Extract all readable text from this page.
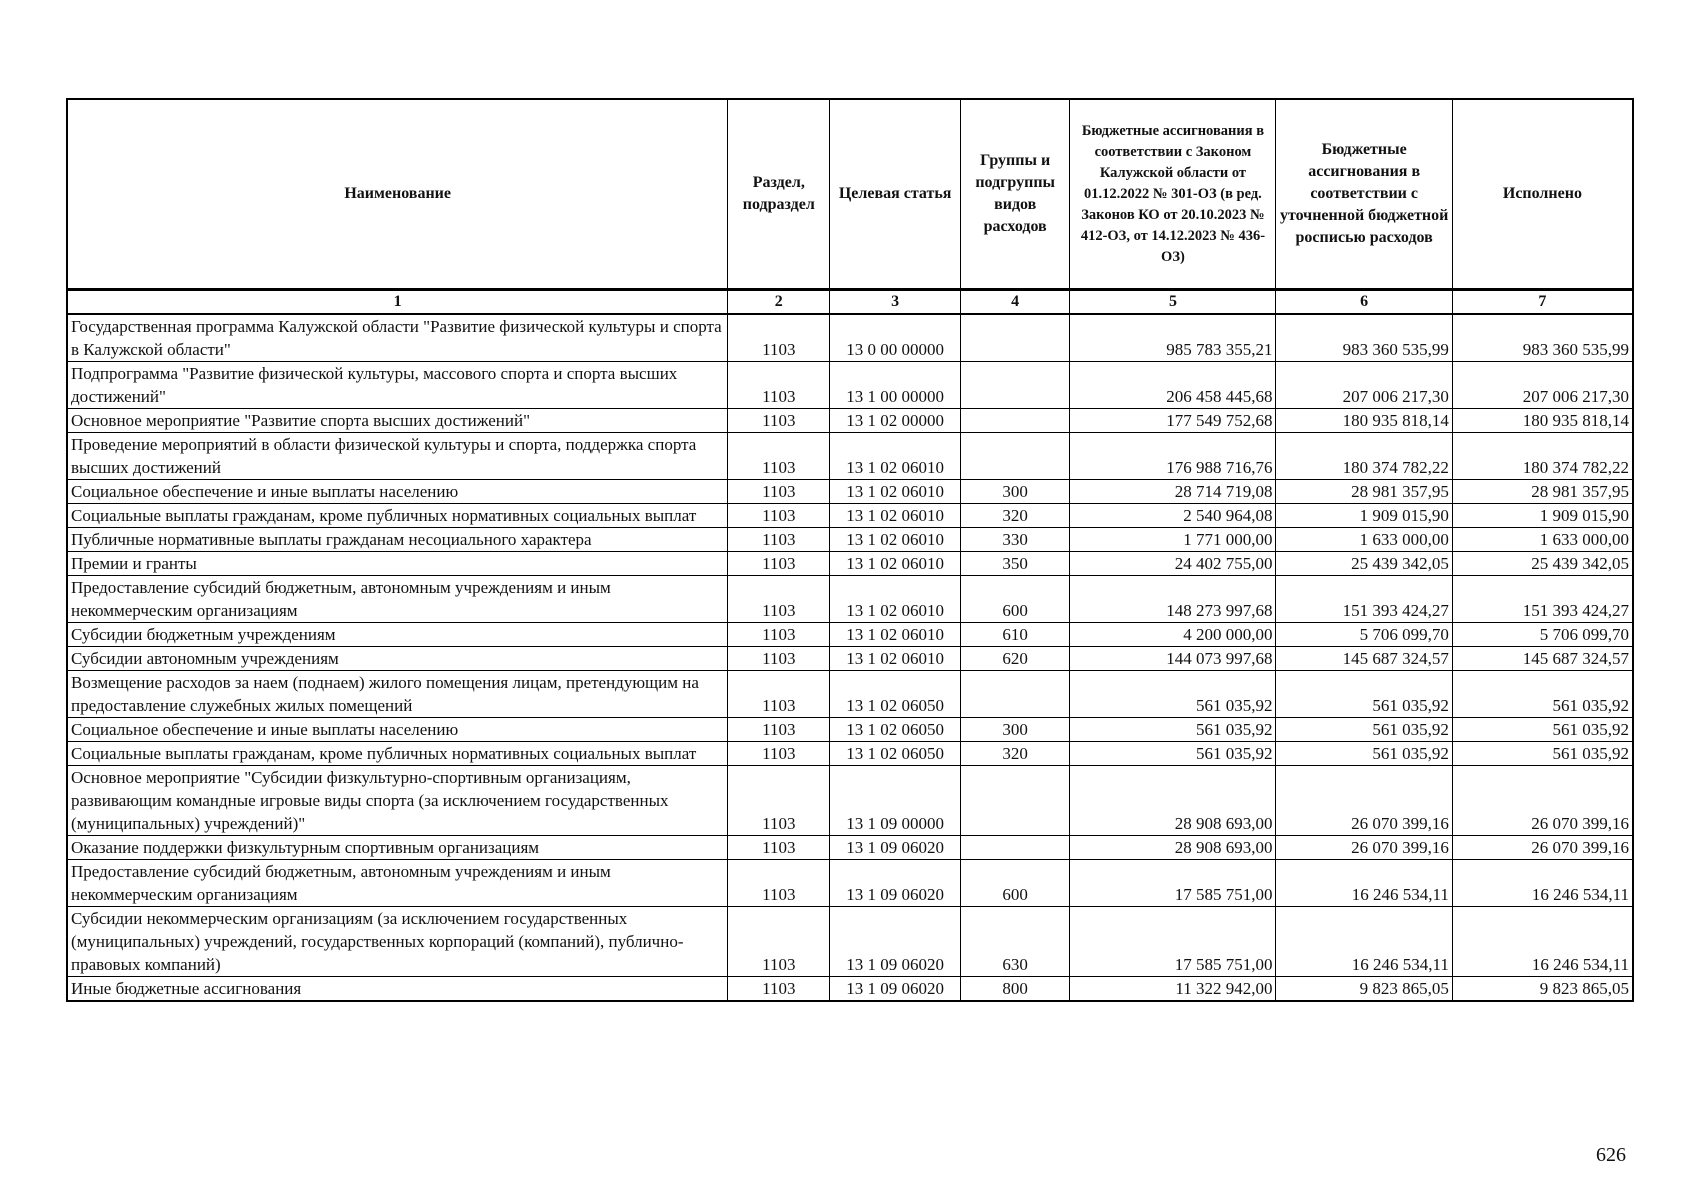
Наименование	Раздел, подраздел	Целевая статья	Группы и подгруппы видов расходов	Бюджетные ассигнования в соответствии с Законом Калужской области от 01.12.2022 № 301-ОЗ (в ред. Законов КО от 20.10.2023 № 412-ОЗ, от 14.12.2023 № 436-ОЗ)	Бюджетные ассигнования в соответствии с уточненной бюджетной росписью расходов	Исполнено
1	2	3	4	5	6	7
Государственная программа Калужской области "Развитие физической культуры и спорта в Калужской области"	1103	13 0 00 00000		985 783 355,21	983 360 535,99	983 360 535,99
Подпрограмма "Развитие физической культуры, массового спорта и спорта высших достижений"	1103	13 1 00 00000		206 458 445,68	207 006 217,30	207 006 217,30
Основное мероприятие "Развитие спорта высших достижений"	1103	13 1 02 00000		177 549 752,68	180 935 818,14	180 935 818,14
Проведение мероприятий в области физической культуры и спорта, поддержка спорта высших достижений	1103	13 1 02 06010		176 988 716,76	180 374 782,22	180 374 782,22
Социальное обеспечение и иные выплаты населению	1103	13 1 02 06010	300	28 714 719,08	28 981 357,95	28 981 357,95
Социальные выплаты гражданам, кроме публичных нормативных социальных выплат	1103	13 1 02 06010	320	2 540 964,08	1 909 015,90	1 909 015,90
Публичные нормативные выплаты гражданам несоциального характера	1103	13 1 02 06010	330	1 771 000,00	1 633 000,00	1 633 000,00
Премии и гранты	1103	13 1 02 06010	350	24 402 755,00	25 439 342,05	25 439 342,05
Предоставление субсидий бюджетным, автономным учреждениям и иным некоммерческим организациям	1103	13 1 02 06010	600	148 273 997,68	151 393 424,27	151 393 424,27
Субсидии бюджетным учреждениям	1103	13 1 02 06010	610	4 200 000,00	5 706 099,70	5 706 099,70
Субсидии автономным учреждениям	1103	13 1 02 06010	620	144 073 997,68	145 687 324,57	145 687 324,57
Возмещение расходов за наем (поднаем) жилого помещения лицам, претендующим на предоставление служебных жилых помещений	1103	13 1 02 06050		561 035,92	561 035,92	561 035,92
Социальное обеспечение и иные выплаты населению	1103	13 1 02 06050	300	561 035,92	561 035,92	561 035,92
Социальные выплаты гражданам, кроме публичных нормативных социальных выплат	1103	13 1 02 06050	320	561 035,92	561 035,92	561 035,92
Основное мероприятие "Субсидии физкультурно-спортивным организациям, развивающим командные игровые виды спорта (за исключением государственных (муниципальных) учреждений)"	1103	13 1 09 00000		28 908 693,00	26 070 399,16	26 070 399,16
Оказание поддержки физкультурным спортивным организациям	1103	13 1 09 06020		28 908 693,00	26 070 399,16	26 070 399,16
Предоставление субсидий бюджетным, автономным учреждениям и иным некоммерческим организациям	1103	13 1 09 06020	600	17 585 751,00	16 246 534,11	16 246 534,11
Субсидии некоммерческим организациям (за исключением государственных (муниципальных) учреждений, государственных корпораций (компаний), публично-правовых компаний)	1103	13 1 09 06020	630	17 585 751,00	16 246 534,11	16 246 534,11
Иные бюджетные ассигнования	1103	13 1 09 06020	800	11 322 942,00	9 823 865,05	9 823 865,05
626
